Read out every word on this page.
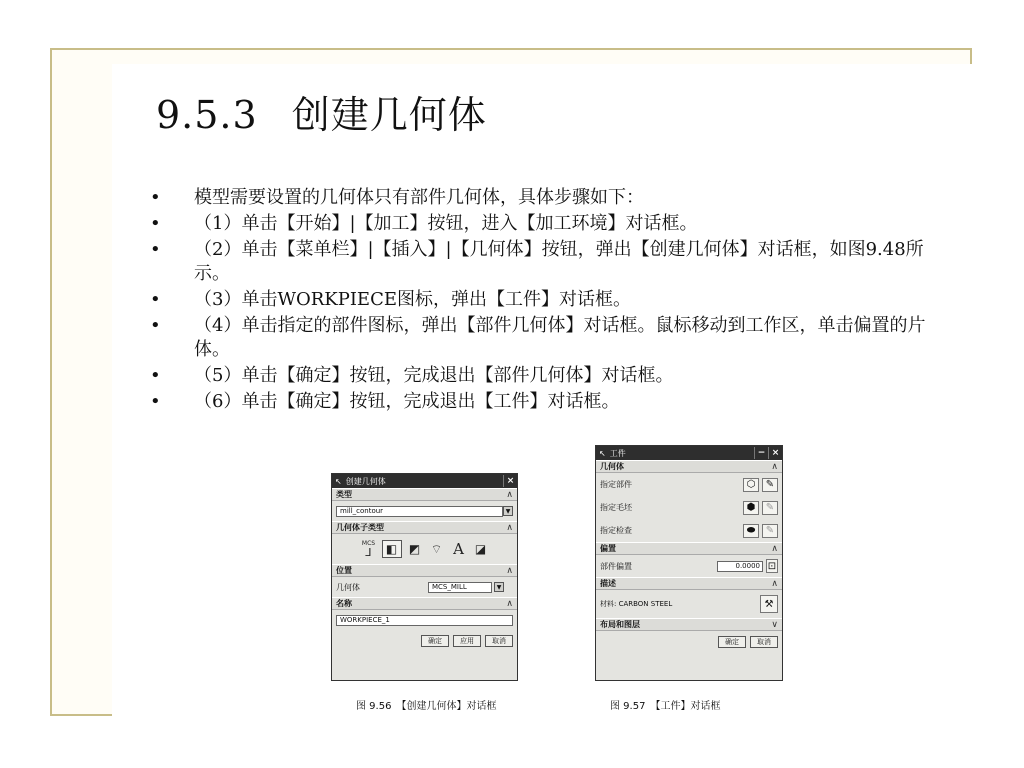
9.5.3 创建几何体
• 模型需要设置的几何体只有部件几何体，具体步骤如下：
• （1）单击【开始】|【加工】按钮，进入【加工环境】对话框。
• （2）单击【菜单栏】|【插入】|【几何体】按钮，弹出【创建几何体】对话框，如图9.48所示。
• （3）单击WORKPIECE图标，弹出【工件】对话框。
• （4）单击指定的部件图标，弹出【部件几何体】对话框。鼠标移动到工作区，单击偏置的片体。
• （5）单击【确定】按钮，完成退出【部件几何体】对话框。
• （6）单击【确定】按钮，完成退出【工件】对话框。
↖ 创建几何体	×
类型	∧
mill_contour	▼
几何体子类型	∧
MCS
⅃	◧ ◩ ⌔ A ◪
位置	∧
几何体	MCS_MILL	▼
名称	∧
WORKPIECE_1
确定	应用	取消
图 9.56　【创建几何体】对话框
↖ 工件	− ×
几何体	∧
指定部件	⬡	✎
指定毛坯	⬢	✎
指定检查	⬬	✎
偏置	∧
部件偏置	0.0000 ⊡
描述	∧
材料: CARBON STEEL	⚒
布局和图层	∨
确定	取消
图 9.57　【工件】对话框
